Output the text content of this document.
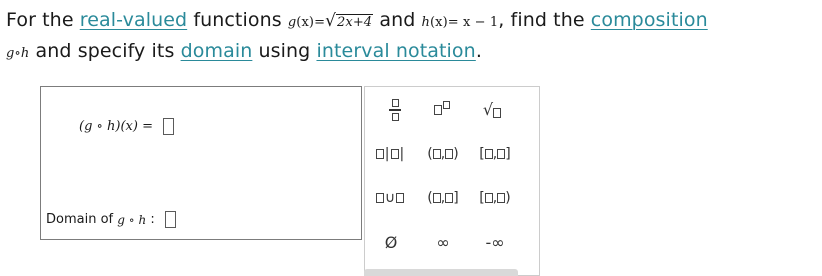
For the real-valued functions g(x)= √ 2x+4 and h(x)= x − 1, find the composition
g∘h and specify its domain using interval notation.
(g ∘ h)(x) =
Domain of
g ∘ h
:
√
| | ( , ) [ , ]
∪ ( , ] [ , )
Ø ∞ -∞
